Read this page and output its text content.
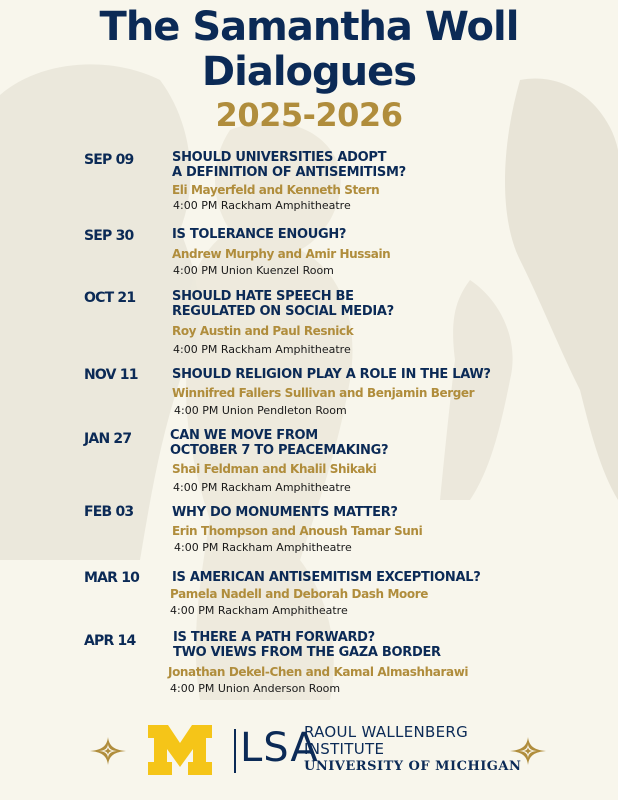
The Samantha Woll
Dialogues
2025-2026
SEP 09	SHOULD UNIVERSITIES ADOPT
A DEFINITION OF ANTISEMITISM?
Eli Mayerfeld and Kenneth Stern
4:00 PM Rackham Amphitheatre
SEP 30	IS TOLERANCE ENOUGH?
Andrew Murphy and Amir Hussain
4:00 PM Union Kuenzel Room
OCT 21	SHOULD HATE SPEECH BE
REGULATED ON SOCIAL MEDIA?
Roy Austin and Paul Resnick
4:00 PM Rackham Amphitheatre
NOV 11	SHOULD RELIGION PLAY A ROLE IN THE LAW?
Winnifred Fallers Sullivan and Benjamin Berger
4:00 PM Union Pendleton Room
JAN 27	CAN WE MOVE FROM
OCTOBER 7 TO PEACEMAKING?
Shai Feldman and Khalil Shikaki
4:00 PM Rackham Amphitheatre
FEB 03	WHY DO MONUMENTS MATTER?
Erin Thompson and Anoush Tamar Suni
4:00 PM Rackham Amphitheatre
MAR 10	IS AMERICAN ANTISEMITISM EXCEPTIONAL?
Pamela Nadell and Deborah Dash Moore
4:00 PM Rackham Amphitheatre
APR 14	IS THERE A PATH FORWARD?
TWO VIEWS FROM THE GAZA BORDER
Jonathan Dekel-Chen and Kamal Almashharawi
4:00 PM Union Anderson Room
LSA
RAOUL WALLENBERG
INSTITUTE
UNIVERSITY OF MICHIGAN
